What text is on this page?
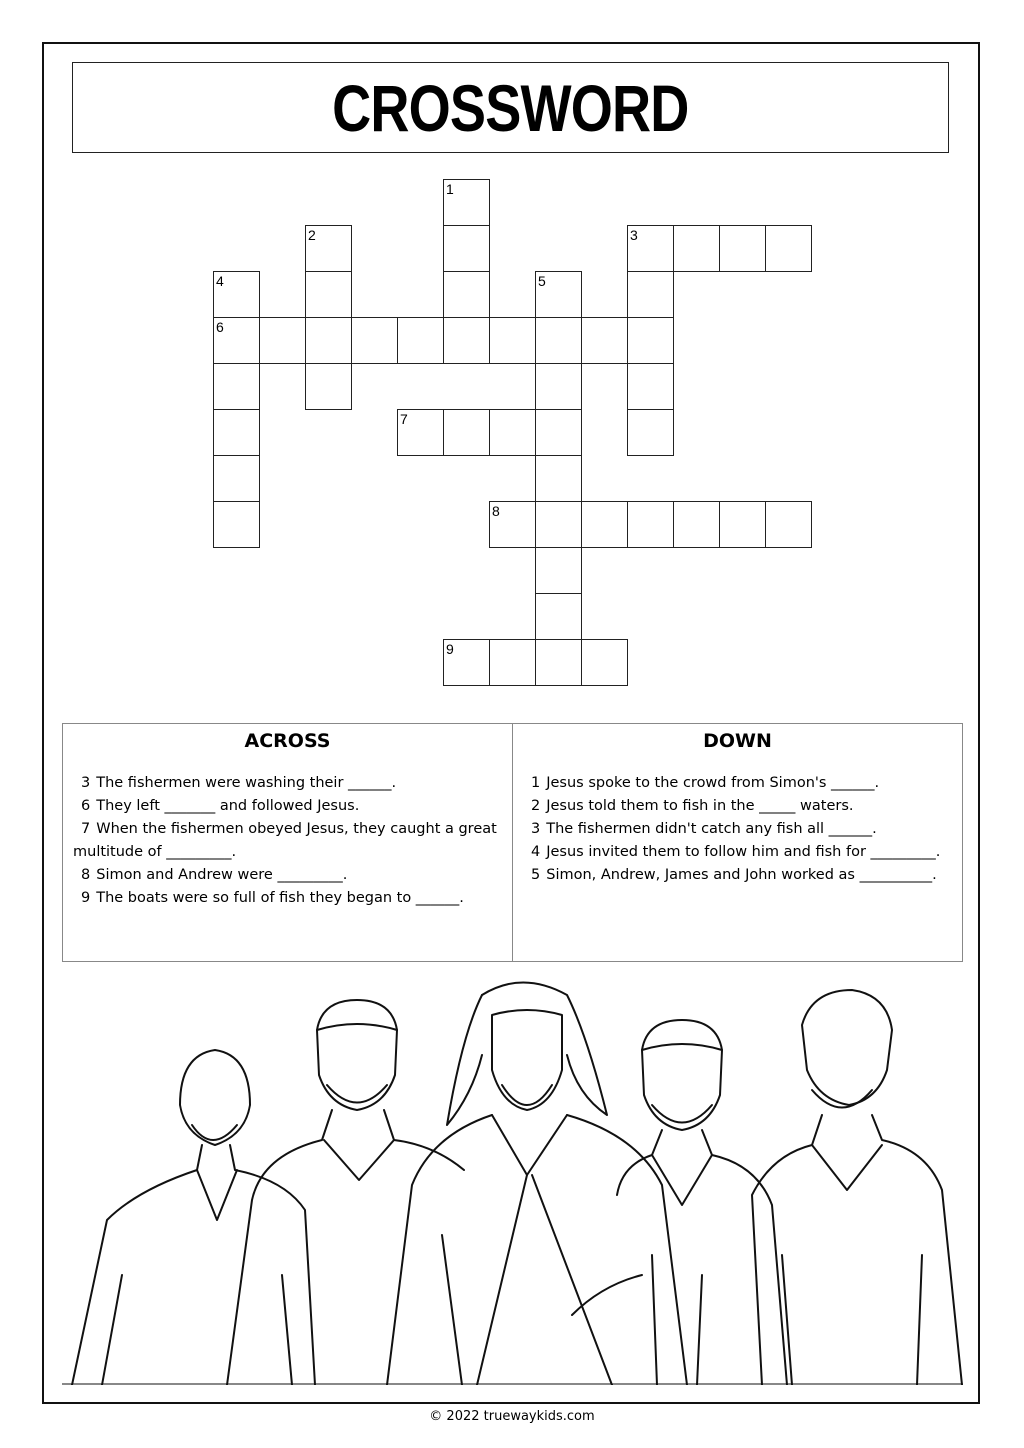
CROSSWORD
1
2	3
4
6
5
7
8
9
ACROSS
3 The fishermen were washing their ______.
6 They left _______ and followed Jesus.
7 When the fishermen obeyed Jesus, they caught a great multitude of _________.
8 Simon and Andrew were _________.
9 The boats were so full of fish they began to ______.
DOWN
1 Jesus spoke to the crowd from Simon's ______.
2 Jesus told them to fish in the _____ waters.
3 The fishermen didn't catch any fish all ______.
4 Jesus invited them to follow him and fish for _________.
5 Simon, Andrew, James and John worked as __________.
© 2022 truewaykids.com
